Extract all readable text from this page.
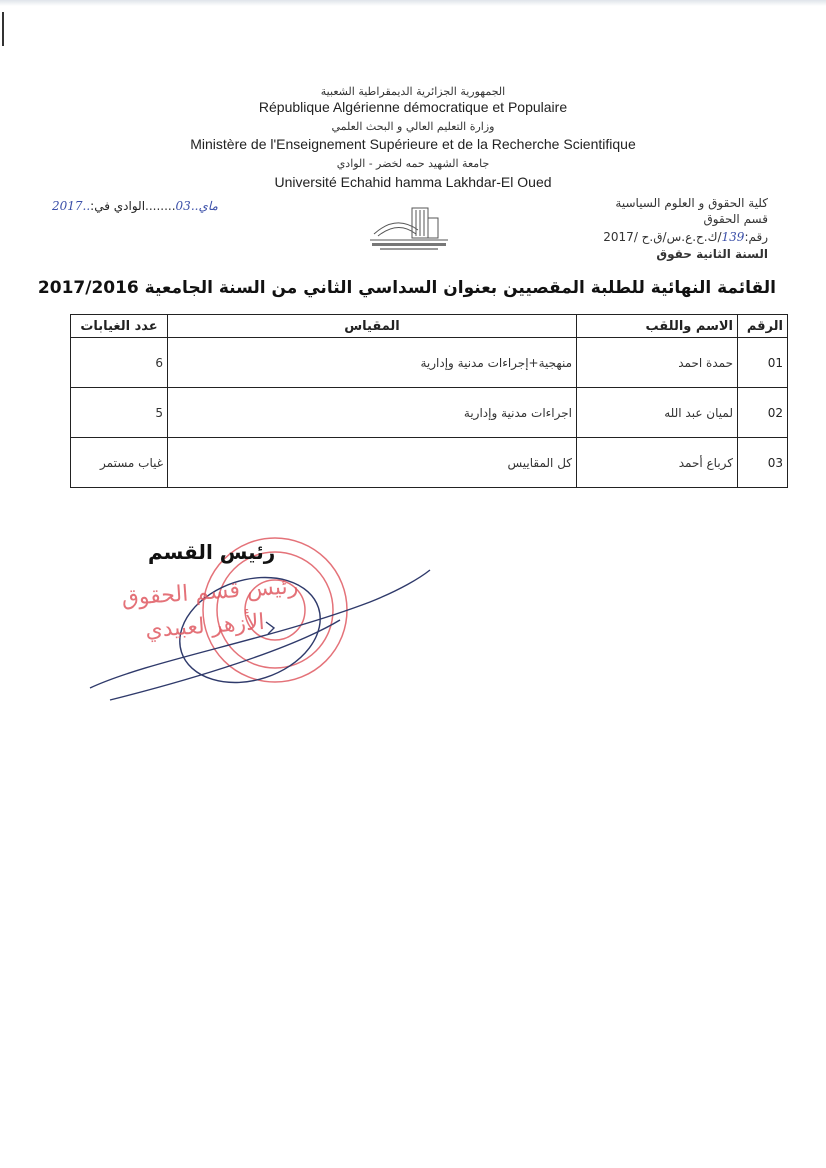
الجمهورية الجزائرية الديمقراطية الشعبية
République Algérienne démocratique et Populaire
وزارة التعليم العالي و البحث العلمي
Ministère de l'Enseignement Supérieure et de la Recherche Scientifique
جامعة الشهيد حمه لخضر - الوادي
Université Echahid hamma Lakhdar-El Oued
كلية الحقوق و العلوم السياسية
قسم الحقوق
رقم:139/ك.ح.ع.س/ق.ح /2017
السنة الثانية حقوق
2017..ماي..03........الوادي في:
القائمة النهائية للطلبة المقصيين بعنوان السداسي الثاني من السنة الجامعية 2017/2016
الرقم	الاسم واللقب	المقياس	عدد الغيابات
01	حمدة احمد	منهجية+إجراءات مدنية وإدارية	6
02	لميان عبد الله	اجراءات مدنية وإدارية	5
03	كرباع أحمد	كل المقاييس	غياب مستمر
رئيس القسم
رئيس قسم الحقوق
الأزهر لعبيدي
